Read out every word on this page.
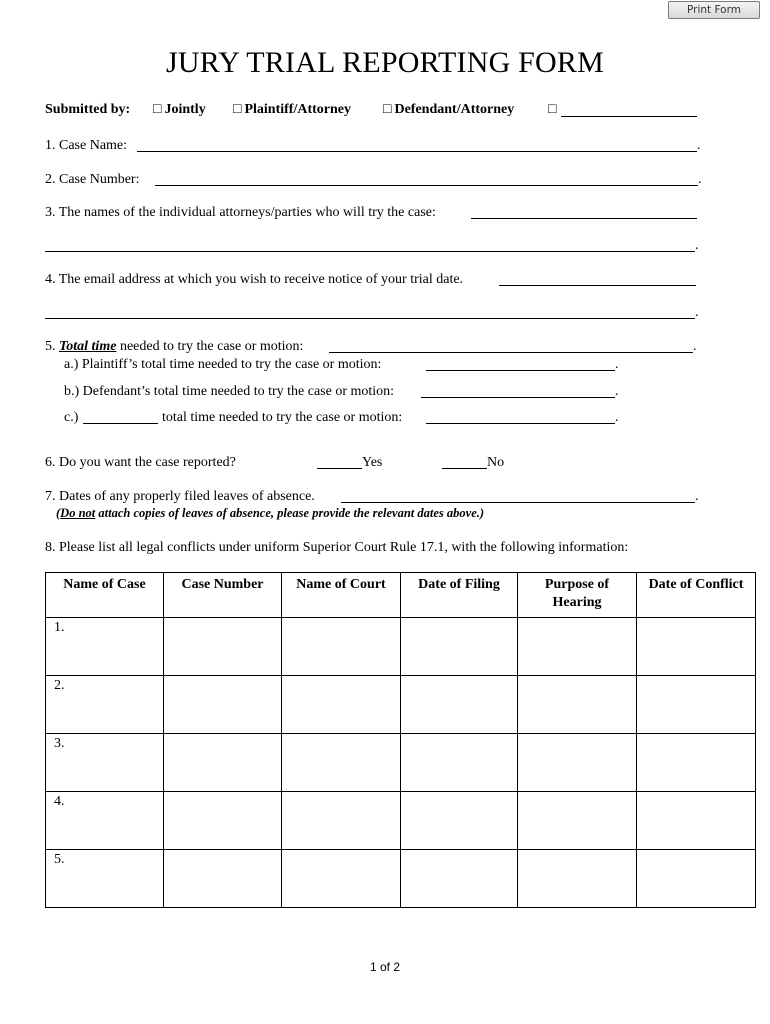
Print Form
JURY TRIAL REPORTING FORM
Submitted by: □ Jointly □ Plaintiff/Attorney □ Defendant/Attorney □
1. Case Name:	.
2. Case Number:	.
3. The names of the individual attorneys/parties who will try the case:
.
4. The email address at which you wish to receive notice of your trial date.
.
5. Total time needed to try the case or motion:	.
a.) Plaintiff’s total time needed to try the case or motion:	.
b.) Defendant’s total time needed to try the case or motion:	.
c.)	total time needed to try the case or motion:	.
6. Do you want the case reported?	Yes	No
7. Dates of any properly filed leaves of absence.	.
(Do not attach copies of leaves of absence, please provide the relevant dates above.)
8. Please list all legal conflicts under uniform Superior Court Rule 17.1, with the following information:
Name of Case	Case Number	Name of Court	Date of Filing	Purpose of Hearing	Date of Conflict
1.					
2.					
3.					
4.					
5.					
1 of 2
